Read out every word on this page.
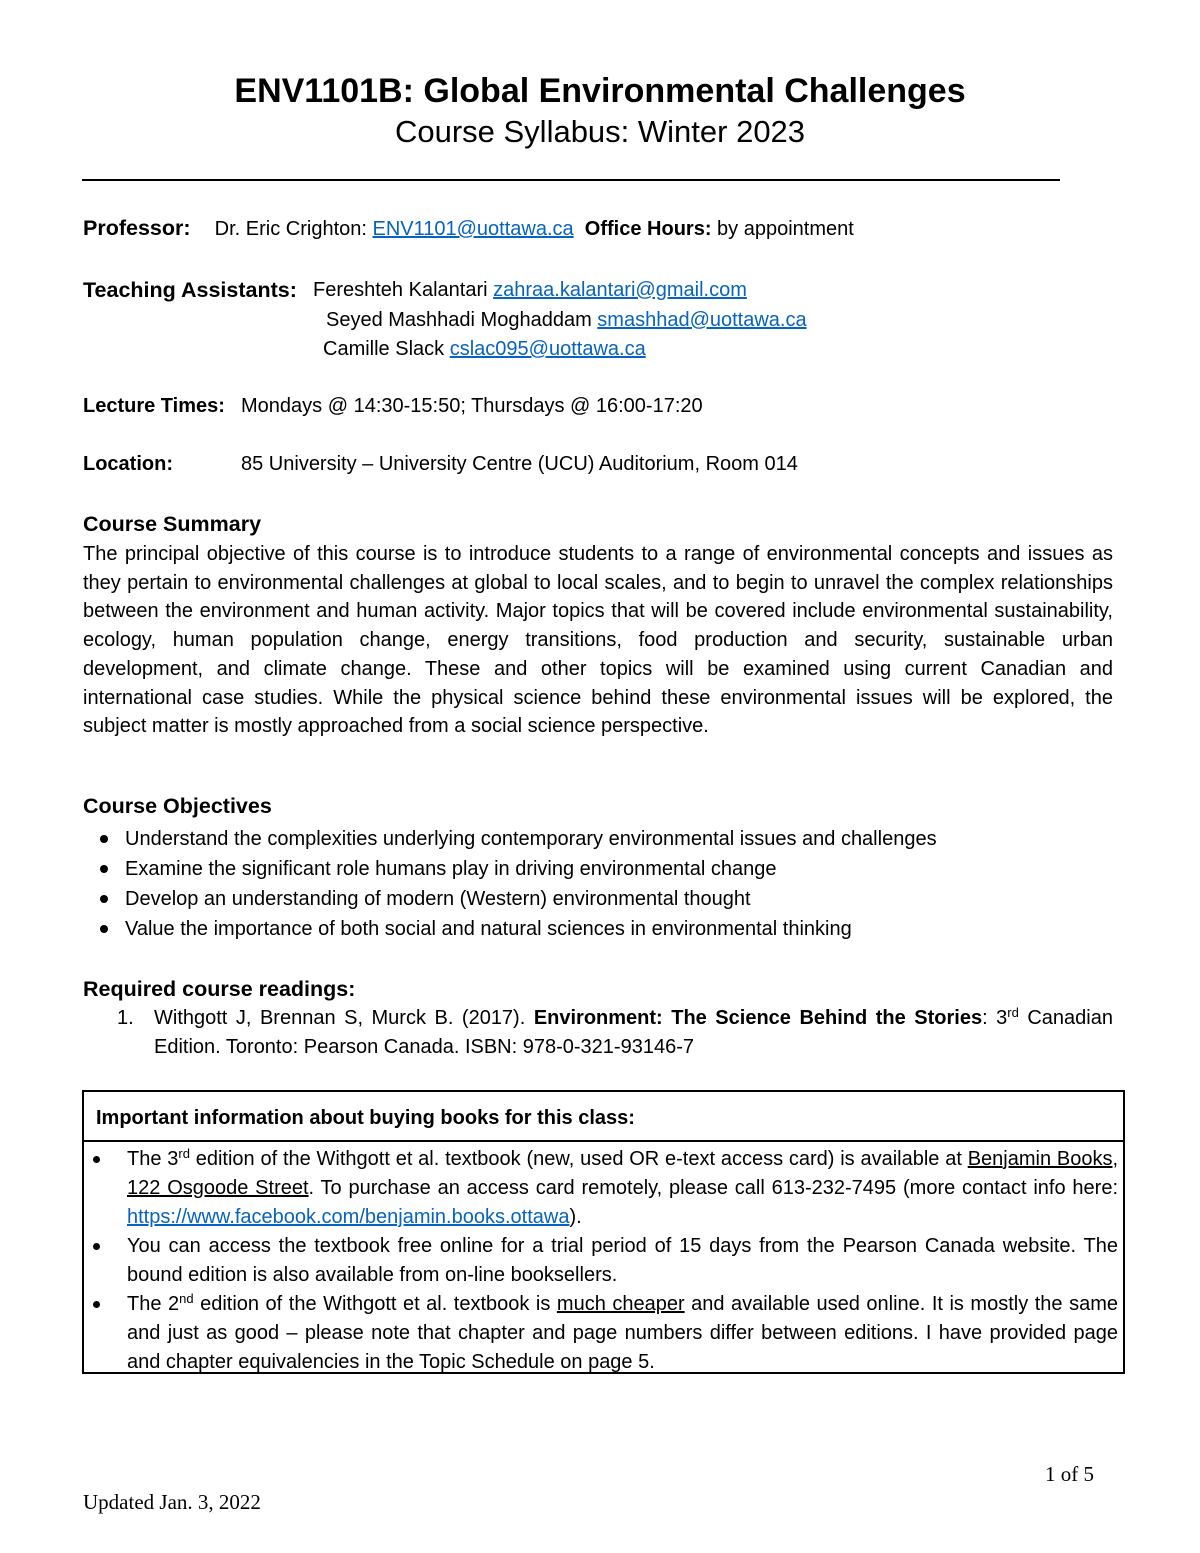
ENV1101B: Global Environmental Challenges
Course Syllabus: Winter 2023
Professor: Dr. Eric Crighton: ENV1101@uottawa.ca Office Hours: by appointment
Teaching Assistants: Fereshteh Kalantari zahraa.kalantari@gmail.com
Seyed Mashhadi Moghaddam smashhad@uottawa.ca
Camille Slack cslac095@uottawa.ca
Lecture Times: Mondays @ 14:30-15:50; Thursdays @ 16:00-17:20
Location:	85 University – University Centre (UCU) Auditorium, Room 014
Course Summary
The principal objective of this course is to introduce students to a range of environmental concepts and issues as they pertain to environmental challenges at global to local scales, and to begin to unravel the complex relationships between the environment and human activity. Major topics that will be covered include environmental sustainability, ecology, human population change, energy transitions, food production and security, sustainable urban development, and climate change. These and other topics will be examined using current Canadian and international case studies. While the physical science behind these environmental issues will be explored, the subject matter is mostly approached from a social science perspective.
Course Objectives
Understand the complexities underlying contemporary environmental issues and challenges
Examine the significant role humans play in driving environmental change
Develop an understanding of modern (Western) environmental thought
Value the importance of both social and natural sciences in environmental thinking
Required course readings:
1. Withgott J, Brennan S, Murck B. (2017). Environment: The Science Behind the Stories: 3rd Canadian Edition. Toronto: Pearson Canada. ISBN: 978-0-321-93146-7
Important information about buying books for this class:
The 3rd edition of the Withgott et al. textbook (new, used OR e-text access card) is available at Benjamin Books, 122 Osgoode Street. To purchase an access card remotely, please call 613-232-7495 (more contact info here: https://www.facebook.com/benjamin.books.ottawa).
You can access the textbook free online for a trial period of 15 days from the Pearson Canada website. The bound edition is also available from on-line booksellers.
The 2nd edition of the Withgott et al. textbook is much cheaper and available used online. It is mostly the same and just as good – please note that chapter and page numbers differ between editions. I have provided page and chapter equivalencies in the Topic Schedule on page 5.
1 of 5
Updated Jan. 3, 2022
